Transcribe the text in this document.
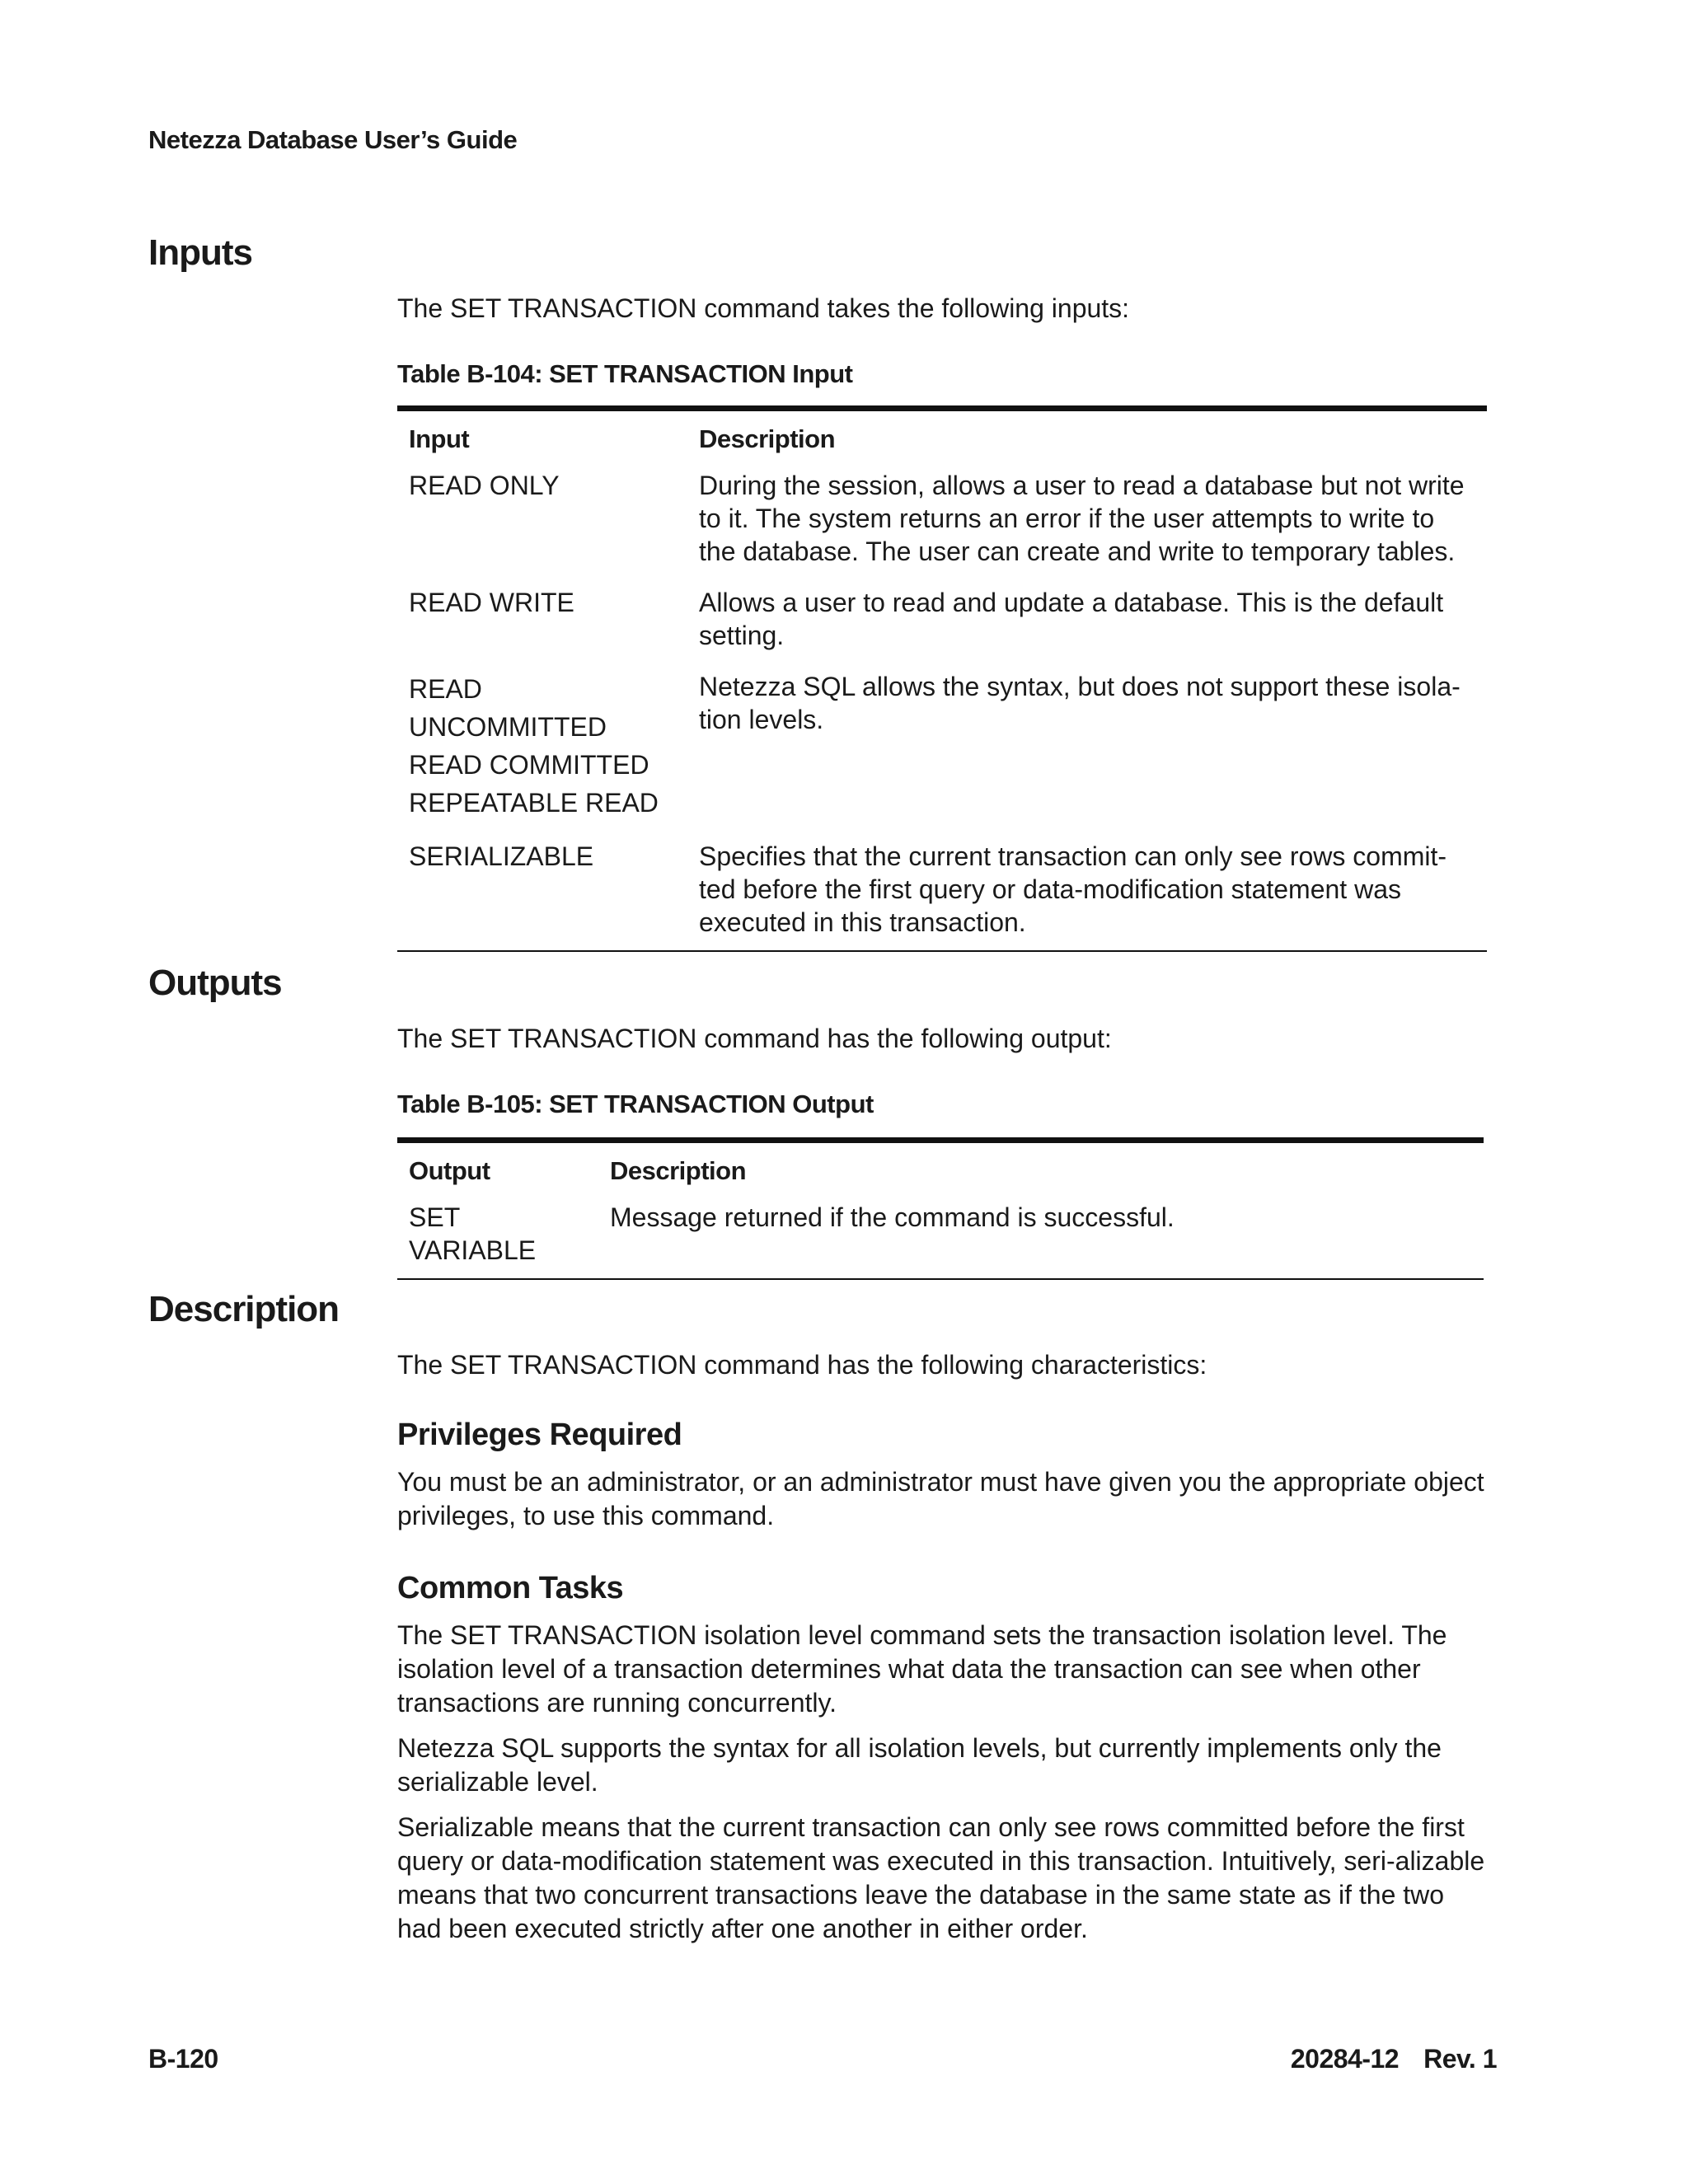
Netezza Database User’s Guide
Inputs
The SET TRANSACTION command takes the following inputs:
Table B-104: SET TRANSACTION Input
Input	Description
READ ONLY	During the session, allows a user to read a database but not write to it. The system returns an error if the user attempts to write to the database. The user can create and write to temporary tables.
READ WRITE	Allows a user to read and update a database. This is the default setting.

READ UNCOMMITTED
READ COMMITTED
REPEATABLE READ	Netezza SQL allows the syntax, but does not support these isola-tion levels.
SERIALIZABLE	Specifies that the current transaction can only see rows commit-ted before the first query or data-modification statement was executed in this transaction.

Outputs
The SET TRANSACTION command has the following output:
Table B-105: SET TRANSACTION Output
Output	Description
SET VARIABLE	Message returned if the command is successful.

Description
The SET TRANSACTION command has the following characteristics:
Privileges Required
You must be an administrator, or an administrator must have given you the appropriate object privileges, to use this command.
Common Tasks

The SET TRANSACTION isolation level command sets the transaction isolation level. The isolation level of a transaction determines what data the transaction can see when other transactions are running concurrently.

Netezza SQL supports the syntax for all isolation levels, but currently implements only the serializable level.

Serializable means that the current transaction can only see rows committed before the first query or data-modification statement was executed in this transaction. Intuitively, seri-alizable means that two concurrent transactions leave the database in the same state as if the two had been executed strictly after one another in either order.

B-120	20284-12 Rev. 1
